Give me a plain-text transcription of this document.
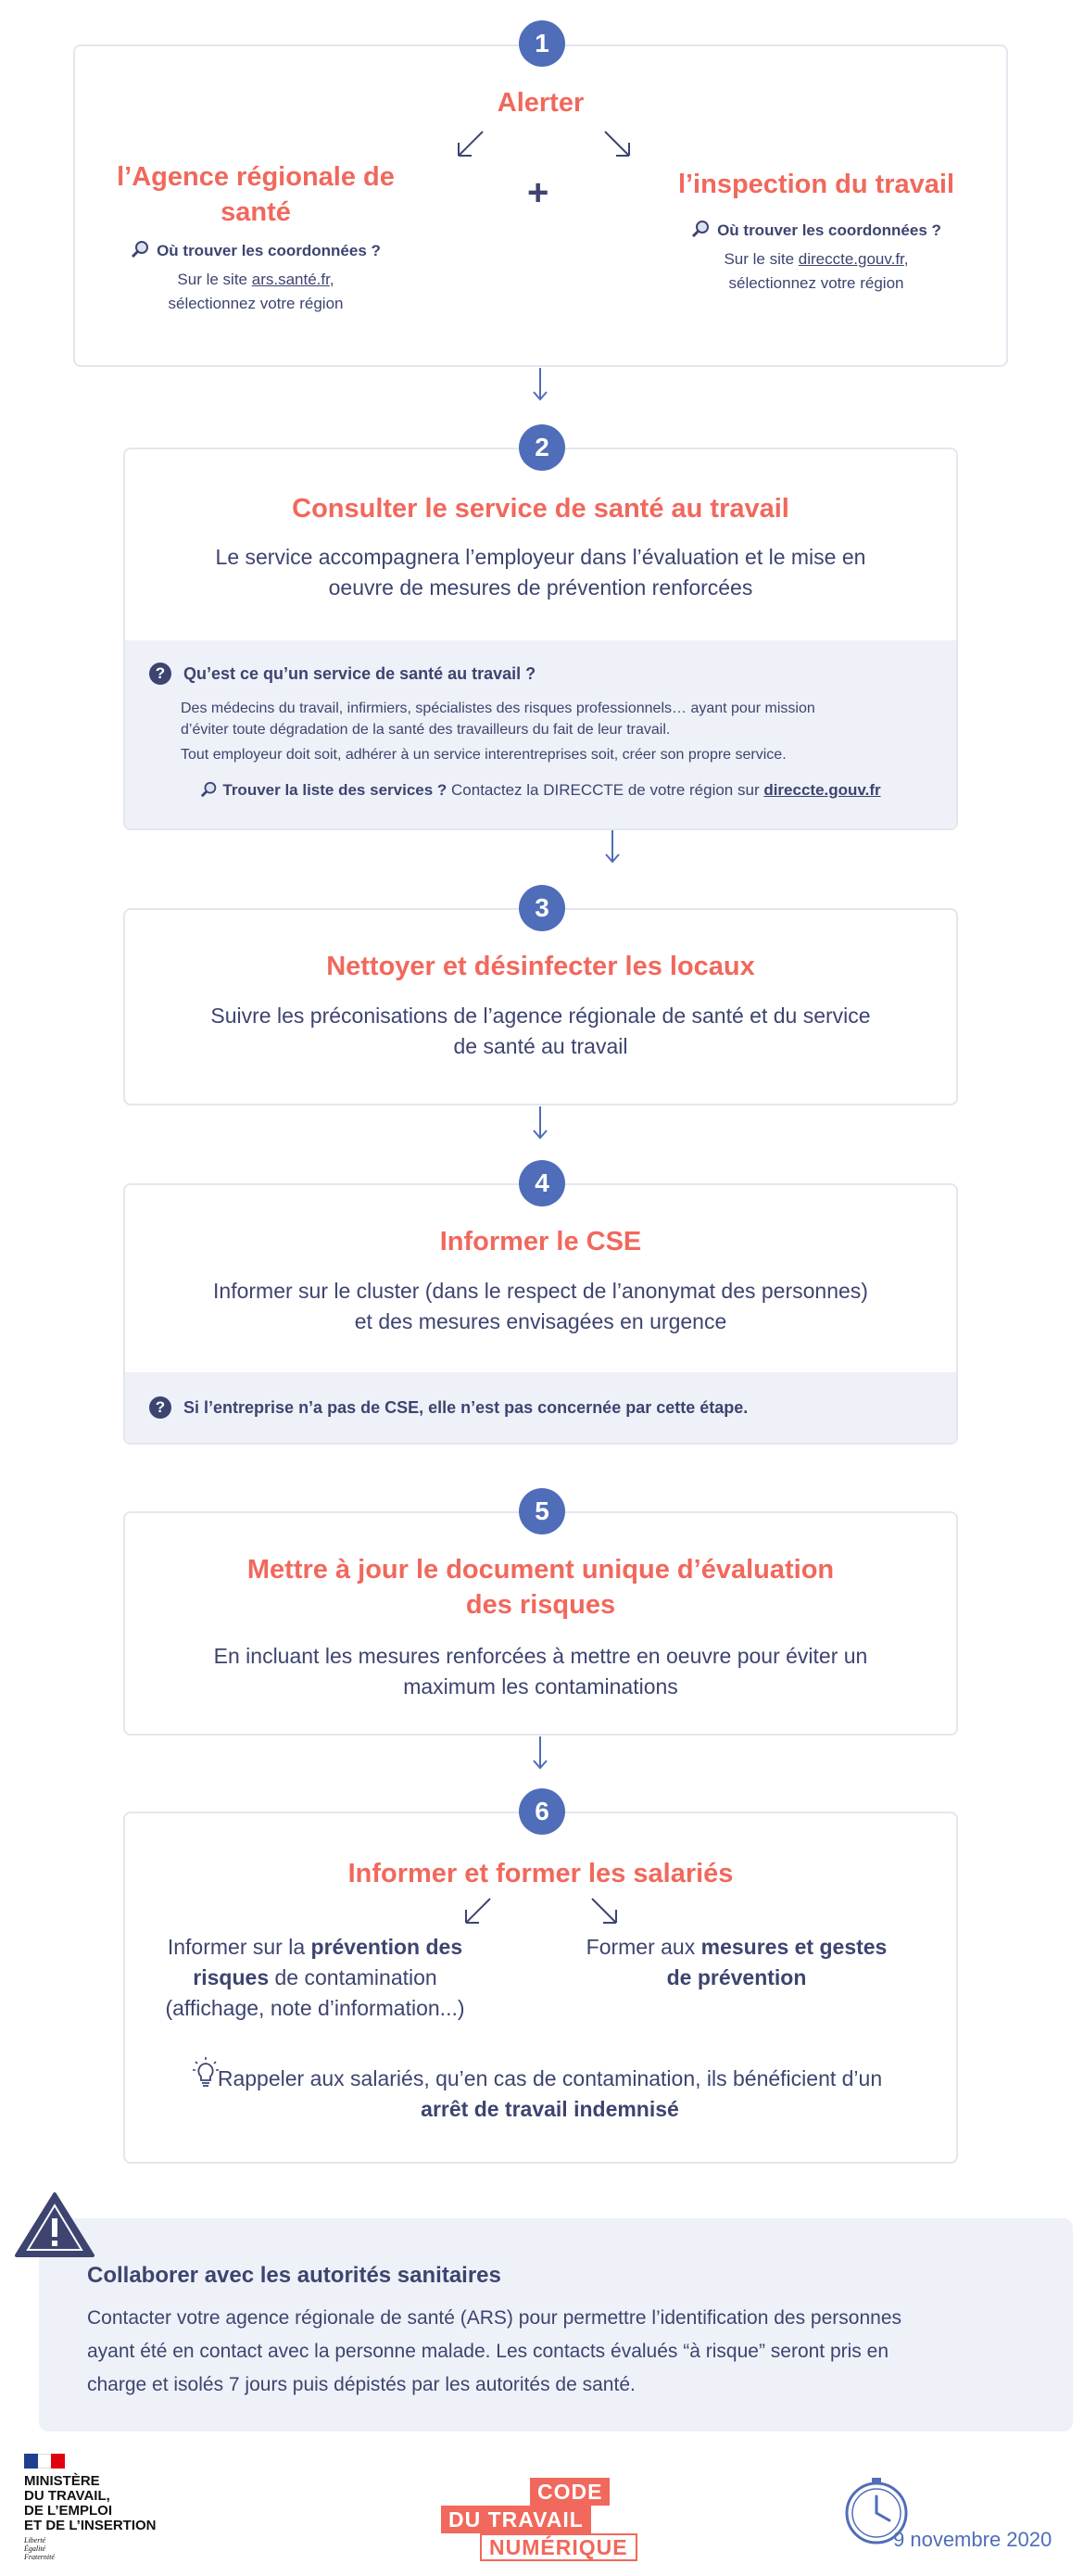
1
Alerter
+
l’Agence régionale de
santé
Où trouver les coordonnées ?
Sur le site ars.santé.fr,
sélectionnez votre région
l’inspection du travail
Où trouver les coordonnées ?
Sur le site direccte.gouv.fr,
sélectionnez votre région
2
Consulter le service de santé au travail
Le service accompagnera l’employeur dans l’évaluation et le mise en
oeuvre de mesures de prévention renforcées
? Qu’est ce qu’un service de santé au travail ?
Des médecins du travail, infirmiers, spécialistes des risques professionnels… ayant pour mission
d’éviter toute dégradation de la santé des travailleurs du fait de leur travail.
Tout employeur doit soit, adhérer à un service interentreprises soit, créer son propre service.
Trouver la liste des services ? Contactez la DIRECCTE de votre région sur direccte.gouv.fr
3
Nettoyer et désinfecter les locaux
Suivre les préconisations de l’agence régionale de santé et du service
de santé au travail
4
Informer le CSE
Informer sur le cluster (dans le respect de l’anonymat des personnes)
et des mesures envisagées en urgence
? Si l’entreprise n’a pas de CSE, elle n’est pas concernée par cette étape.
5
Mettre à jour le document unique d’évaluation
des risques
En incluant les mesures renforcées à mettre en oeuvre pour éviter un
maximum les contaminations
6
Informer et former les salariés
Informer sur la prévention des
risques de contamination
(affichage, note d’information...)
Former aux mesures et gestes
de prévention
Rappeler aux salariés, qu’en cas de contamination, ils bénéficient d’un
arrêt de travail indemnisé
Collaborer avec les autorités sanitaires
Contacter votre agence régionale de santé (ARS) pour permettre l’identification des personnes
ayant été en contact avec la personne malade. Les contacts évalués “à risque” seront pris en
charge et isolés 7 jours puis dépistés par les autorités de santé.
MINISTÈRE
DU TRAVAIL,
DE L’EMPLOI
ET DE L’INSERTION
Liberté
Égalité
Fraternité
CODE
DU TRAVAIL
NUMÉRIQUE	9 novembre 2020
